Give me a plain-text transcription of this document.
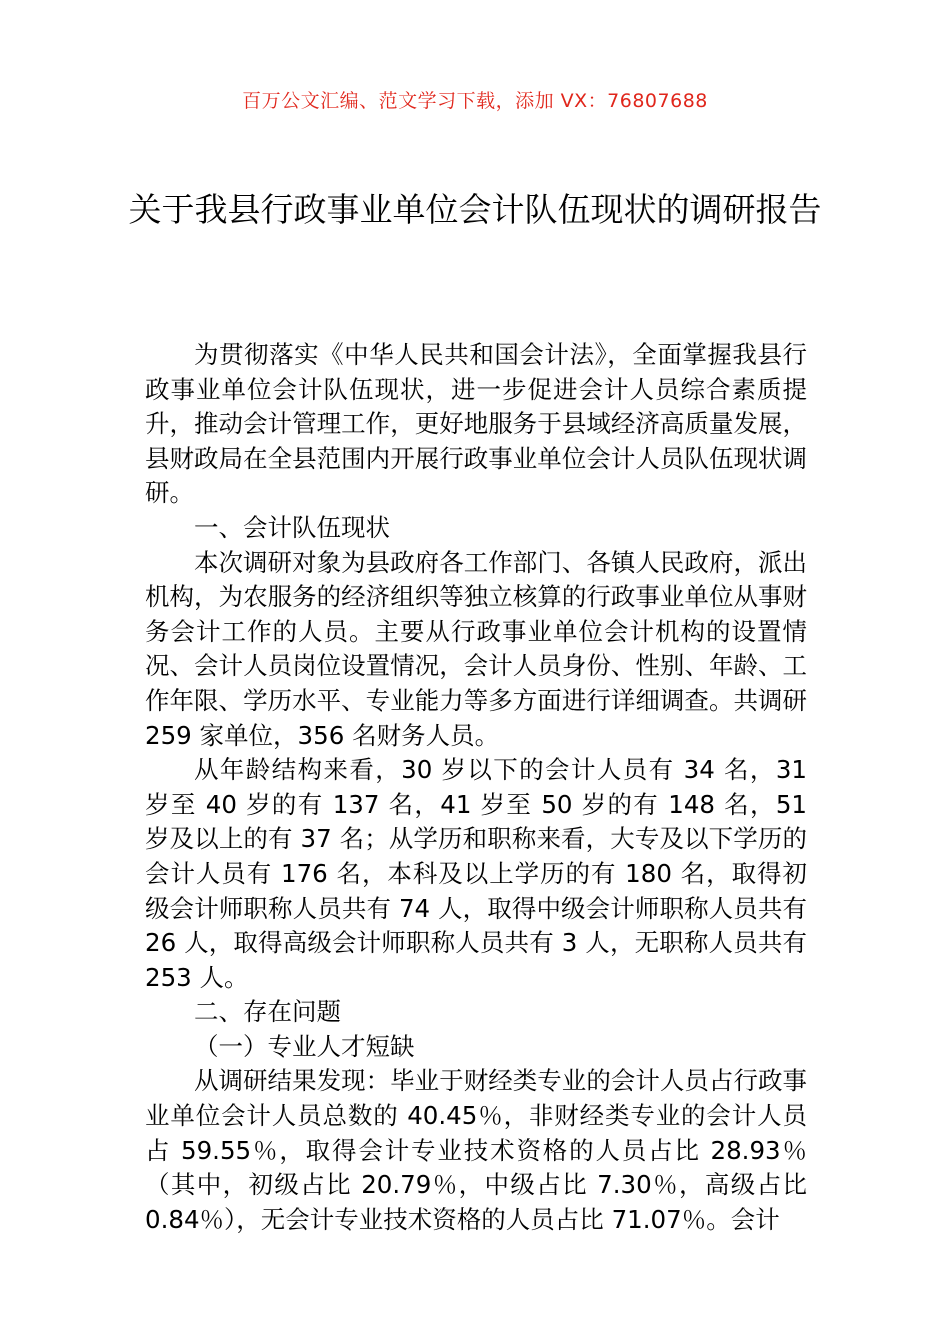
百万公文汇编、范文学习下载，添加 VX：76807688
关于我县行政事业单位会计队伍现状的调研报告

为贯彻落实《中华人民共和国会计法》，全面掌握我县行政事业单位会计队伍现状，进一步促进会计人员综合素质提升，推动会计管理工作，更好地服务于县域经济高质量发展，县财政局在全县范围内开展行政事业单位会计人员队伍现状调研。

一、会计队伍现状

本次调研对象为县政府各工作部门、各镇人民政府，派出机构，为农服务的经济组织等独立核算的行政事业单位从事财务会计工作的人员。主要从行政事业单位会计机构的设置情况、会计人员岗位设置情况，会计人员身份、性别、年龄、工作年限、学历水平、专业能力等多方面进行详细调查。共调研 259 家单位，356 名财务人员。

从年龄结构来看，30 岁以下的会计人员有 34 名，31 岁至 40 岁的有 137 名，41 岁至 50 岁的有 148 名，51 岁及以上的有 37 名；从学历和职称来看，大专及以下学历的会计人员有 176 名，本科及以上学历的有 180 名，取得初级会计师职称人员共有 74 人，取得中级会计师职称人员共有 26 人，取得高级会计师职称人员共有 3 人，无职称人员共有 253 人。

二、存在问题

（一）专业人才短缺

从调研结果发现：毕业于财经类专业的会计人员占行政事业单位会计人员总数的 40.45％，非财经类专业的会计人员占 59.55％，取得会计专业技术资格的人员占比 28.93％（其中，初级占比 20.79％，中级占比 7.30％，高级占比 0.84％），无会计专业技术资格的人员占比 71.07％。会计
